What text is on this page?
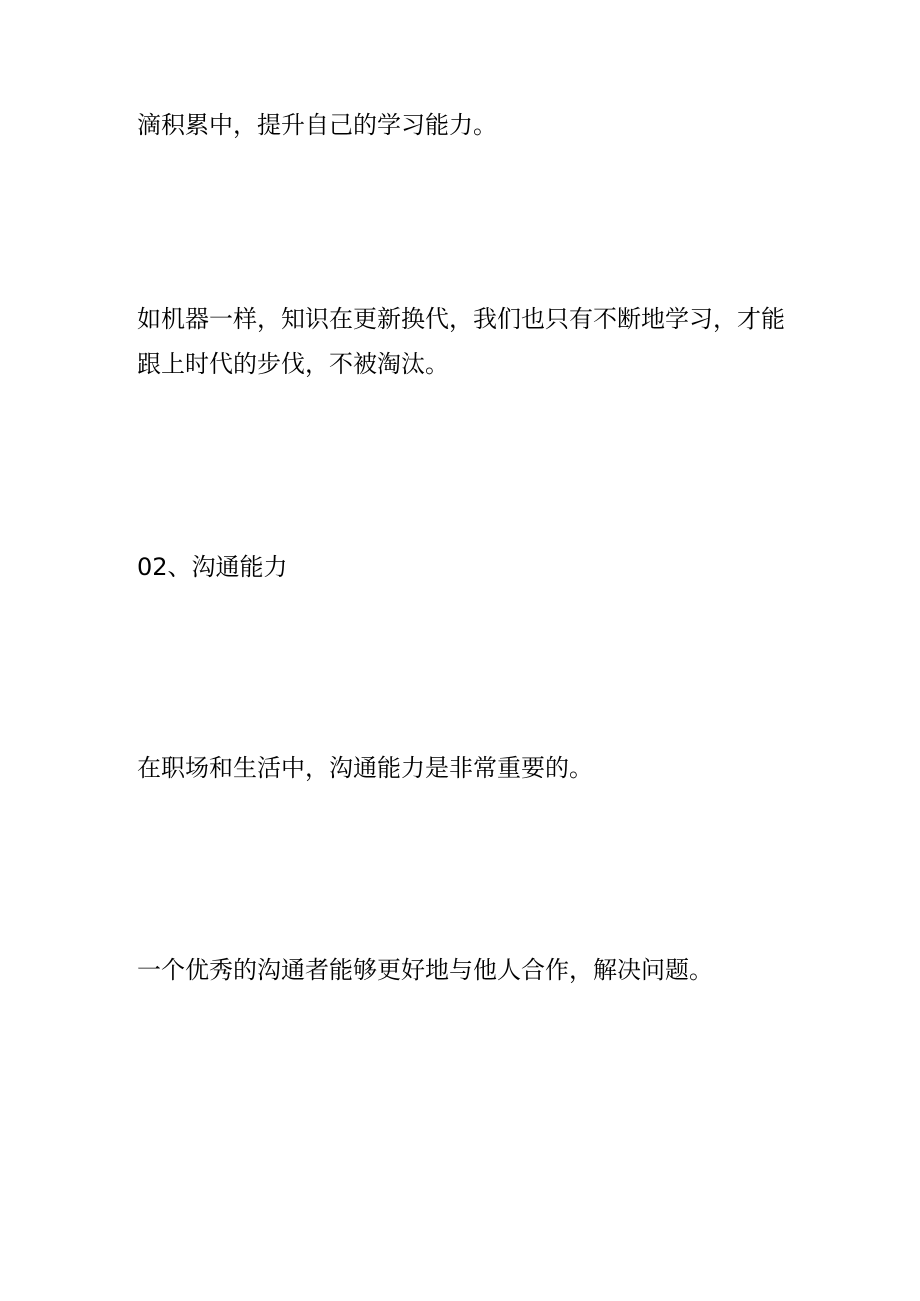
滴积累中，提升自己的学习能力。

如机器一样，知识在更新换代，我们也只有不断地学习，才能

跟上时代的步伐，不被淘汰。

02、沟通能力

在职场和生活中，沟通能力是非常重要的。

一个优秀的沟通者能够更好地与他人合作，解决问题。
